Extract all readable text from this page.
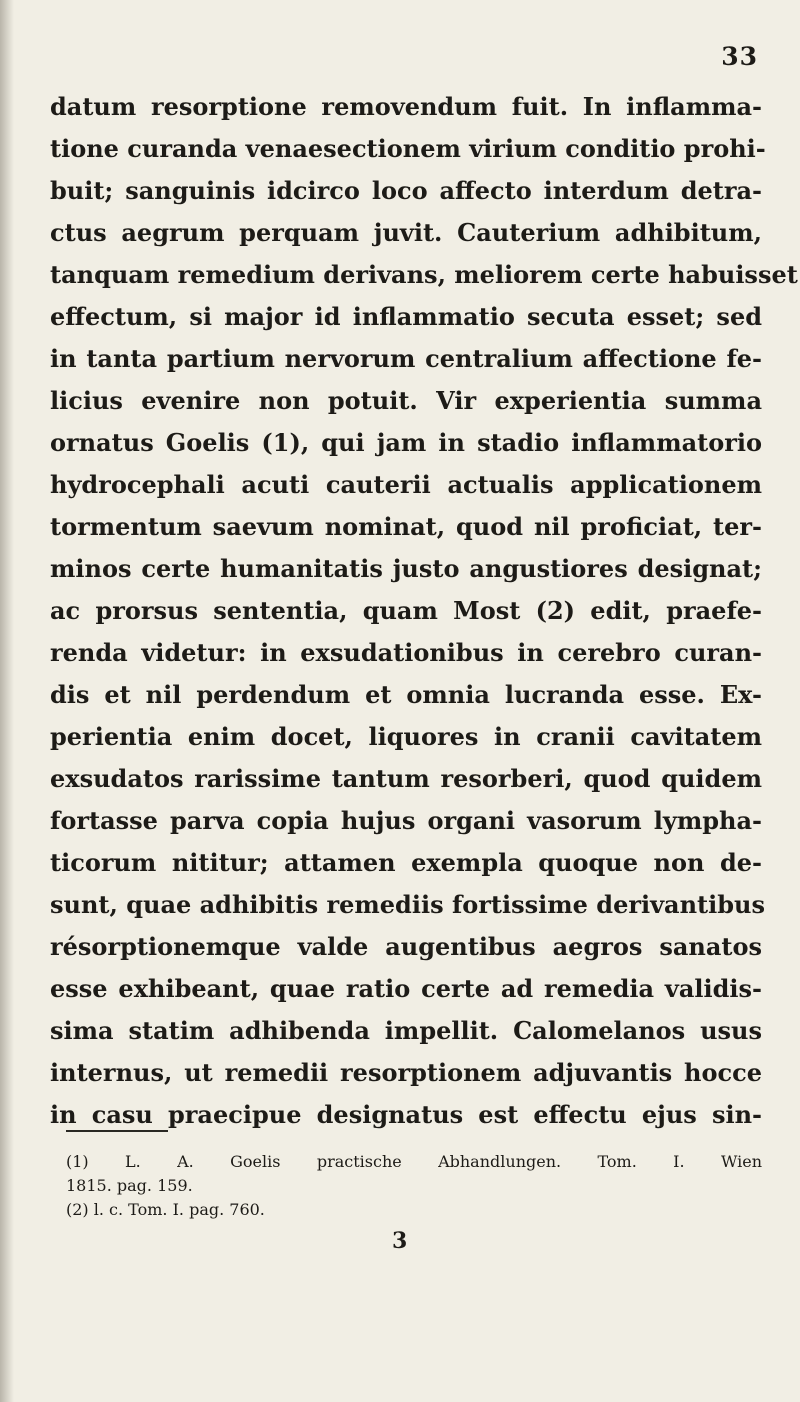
33
datum resorptione removendum fuit. In inflamma-
tione curanda venaesectionem virium conditio prohi-
buit; sanguinis idcirco loco affecto interdum detra-
ctus aegrum perquam juvit. Cauterium adhibitum,
tanquam remedium derivans, meliorem certe habuisset
effectum, si major id inflammatio secuta esset; sed
in tanta partium nervorum centralium affectione fe-
licius evenire non potuit. Vir experientia summa
ornatus Goelis (1), qui jam in stadio inflammatorio
hydrocephali acuti cauterii actualis applicationem
tormentum saevum nominat, quod nil proficiat, ter-
minos certe humanitatis justo angustiores designat;
ac prorsus sententia, quam Most (2) edit, praefe-
renda videtur: in exsudationibus in cerebro curan-
dis et nil perdendum et omnia lucranda esse. Ex-
perientia enim docet, liquores in cranii cavitatem
exsudatos rarissime tantum resorberi, quod quidem
fortasse parva copia hujus organi vasorum lympha-
ticorum nititur; attamen exempla quoque non de-
sunt, quae adhibitis remediis fortissime derivantibus
résorptionemque valde augentibus aegros sanatos
esse exhibeant, quae ratio certe ad remedia validis-
sima statim adhibenda impellit. Calomelanos usus
internus, ut remedii resorptionem adjuvantis hocce
in casu praecipue designatus est effectu ejus sin-
(1) L. A. Goelis practische Abhandlungen. Tom. I. Wien
1815. pag. 159.
(2) l. c. Tom. I. pag. 760.
3
